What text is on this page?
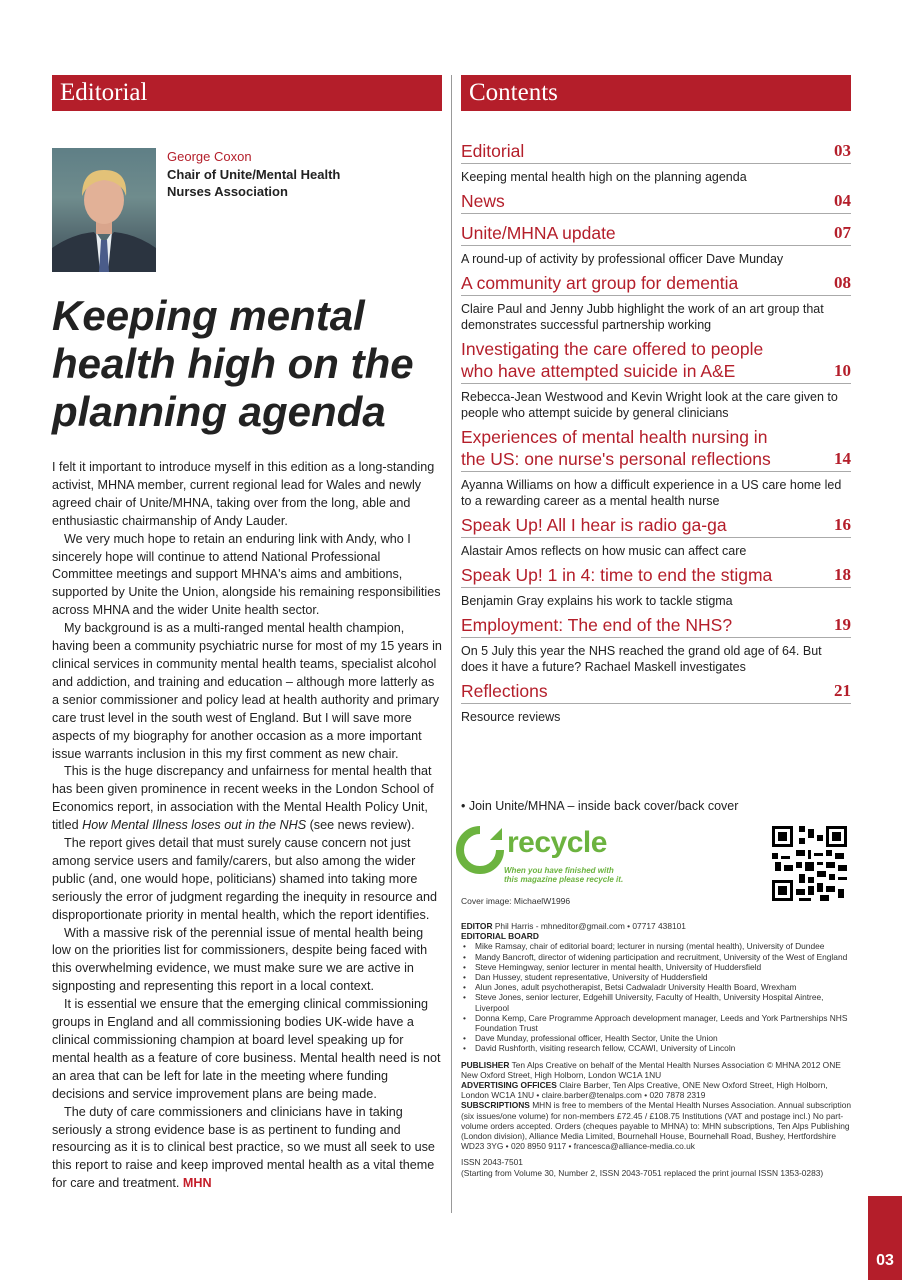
Editorial	Contents
George Coxon
Chair of Unite/Mental Health Nurses Association
Keeping mental health high on the planning agenda

I felt it important to introduce myself in this edition as a long-standing activist, MHNA member, current regional lead for Wales and newly agreed chair of Unite/MHNA, taking over from the long, able and enthusiastic chairmanship of Andy Lauder.

We very much hope to retain an enduring link with Andy, who I sincerely hope will continue to attend National Professional Committee meetings and support MHNA's aims and ambitions, supported by Unite the Union, alongside his remaining responsibilities across MHNA and the wider Unite health sector.

My background is as a multi-ranged mental health champion, having been a community psychiatric nurse for most of my 15 years in clinical services in community mental health teams, specialist alcohol and addiction, and training and education – although more latterly as a senior commissioner and policy lead at health authority and primary care trust level in the south west of England. But I will save more aspects of my biography for another occasion as a more important issue warrants inclusion in this my first comment as new chair.

This is the huge discrepancy and unfairness for mental health that has been given prominence in recent weeks in the London School of Economics report, in association with the Mental Health Policy Unit, titled How Mental Illness loses out in the NHS (see news review).

The report gives detail that must surely cause concern not just among service users and family/carers, but also among the wider public (and, one would hope, politicians) shamed into taking more seriously the error of judgment regarding the inequity in resource and disproportionate priority in mental health, which the report identifies.

With a massive risk of the perennial issue of mental health being low on the priorities list for commissioners, despite being faced with this overwhelming evidence, we must make sure we are active in signposting and representing this report in a local context.

It is essential we ensure that the emerging clinical commissioning groups in England and all commissioning bodies UK-wide have a clinical commissioning champion at board level speaking up for mental health as a feature of core business. Mental health need is not an area that can be left for late in the meeting where funding decisions and service improvement plans are being made.

The duty of care commissioners and clinicians have in taking seriously a strong evidence base is as pertinent to funding and resourcing as it is to clinical best practice, so we must all seek to use this report to raise and keep improved mental health as a vital theme for care and treatment. MHN

Editorial	03
Keeping mental health high on the planning agenda
News	04
Unite/MHNA update	07
A round-up of activity by professional officer Dave Munday
A community art group for dementia	08
Claire Paul and Jenny Jubb highlight the work of an art group that demonstrates successful partnership working
Investigating the care offered to people who have attempted suicide in A&E	10
Rebecca-Jean Westwood and Kevin Wright look at the care given to people who attempt suicide by general clinicians
Experiences of mental health nursing in the US: one nurse's personal reflections	14
Ayanna Williams on how a difficult experience in a US care home led to a rewarding career as a mental health nurse
Speak Up! All I hear is radio ga-ga	16
Alastair Amos reflects on how music can affect care
Speak Up! 1 in 4: time to end the stigma	18
Benjamin Gray explains his work to tackle stigma
Employment: The end of the NHS?	19
On 5 July this year the NHS reached the grand old age of 64. But does it have a future? Rachael Maskell investigates
Reflections	21
Resource reviews
• Join Unite/MHNA – inside back cover/back cover
recycle
When you have finished with
this magazine please recycle it.
Cover image: MichaelW1996
EDITOR Phil Harris - mhneditor@gmail.com • 07717 438101
EDITORIAL BOARD
• Mike Ramsay, chair of editorial board; lecturer in nursing (mental health), University of Dundee
• Mandy Bancroft, director of widening participation and recruitment, University of the West of England
• Steve Hemingway, senior lecturer in mental health, University of Huddersfield
• Dan Hussey, student representative, University of Huddersfield
• Alun Jones, adult psychotherapist, Betsi Cadwaladr University Health Board, Wrexham
• Steve Jones, senior lecturer, Edgehill University, Faculty of Health, University Hospital Aintree, Liverpool
• Donna Kemp, Care Programme Approach development manager, Leeds and York Partnerships NHS Foundation Trust
• Dave Munday, professional officer, Health Sector, Unite the Union
• David Rushforth, visiting research fellow, CCAWI, University of Lincoln
PUBLISHER Ten Alps Creative on behalf of the Mental Health Nurses Association © MHNA 2012 ONE New Oxford Street, High Holborn, London WC1A 1NU
ADVERTISING OFFICES Claire Barber, Ten Alps Creative, ONE New Oxford Street, High Holborn, London WC1A 1NU • claire.barber@tenalps.com • 020 7878 2319
SUBSCRIPTIONS MHN is free to members of the Mental Health Nurses Association. Annual subscription (six issues/one volume) for non-members £72.45 / £108.75 Institutions (VAT and postage incl.) No part-volume orders accepted. Orders (cheques payable to MHNA) to: MHN subscriptions, Ten Alps Publishing (London division), Alliance Media Limited, Bournehall House, Bournehall Road, Bushey, Hertfordshire WD23 3YG • 020 8950 9117 • francesca@alliance-media.co.uk
ISSN 2043-7501
(Starting from Volume 30, Number 2, ISSN 2043-7051 replaced the print journal ISSN 1353-0283)
03
